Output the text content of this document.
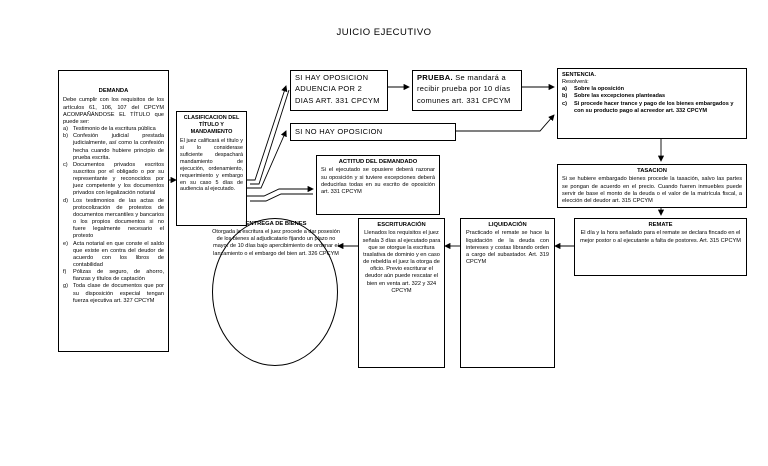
JUICIO EJECUTIVO
DEMANDA
Debe cumplir con los requisitos de los artículos 61, 106, 107 del CPCYM ACOMPAÑÁNDOSE EL TÍTULO que puede ser:
a) Testimonio de la escritura pública
b) Confesión judicial prestada judicialmente, así como la confesión hecha cuando hubiere principio de prueba escrita.
c) Documentos privados escritos suscritos por el obligado o por su representante y reconocidos por juez competente y los documentos privados con legalización notarial
d) Los testimonios de las actas de protocolización de protestos de documentos mercantiles y bancarios o los propios documentos si no fuere legalmente necesario el protesto
e) Acta notarial en que conste el saldo que existe en contra del deudor de acuerdo con los libros de contabilidad
f)	Pólizas de seguro, de ahorro, fianzas y títulos de captación
g) Toda clase de documentos que por su disposición especial tengan fuerza ejecutiva art. 327 CPCYM
CLASIFICACION DEL TÍTULO Y MANDAMIENTO
El juez calificará el título y si lo considerase suficiente despachará mandamiento de ejecución, ordenamiento, requerimiento y embargo en su caso 5 días de audiencia al ejecutado.
SI HAY OPOSICION ADUENCIA POR 2 DIAS ART. 331 CPCYM
SI NO HAY OPOSICION
PRUEBA. Se mandará a recibir prueba por 10 días comunes art. 331 CPCYM
SENTENCIA.
Resolverá:
a)	Sobre la oposición
b)	Sobre las excepciones planteadas
c)	Si procede hacer trance y pago de los bienes embargados y con su producto pago al acreedor art. 332 CPCYM
ACTITUD DEL DEMANDADO
Si el ejecutado se opusiere deberá razonar su oposición y si tuviere excepciones deberá deducirlas todas en su escrito de oposición art. 331 CPCYM
TASACION
Si se hubiere embargado bienes procede la tasación, salvo las partes se pongan de acuerdo en el precio. Cuando fueren inmuebles puede servir de base el monto de la deuda o el valor de la matrícula fiscal, a elección del deudor art. 315 CPCYM
REMATE
El día y la hora señalado para el remate se declara fincado en el mejor postor o al ejecutante a falta de postores. Art. 315 CPCYM
LIQUIDACIÓN
Practicado el remate se hace la liquidación de la deuda con intereses y costas librando orden a cargo del subastador. Art. 319 CPCYM
ESCRITURACIÓN
Llenados los requisitos el juez señala 3 días al ejecutado para que se otorgue la escritura traslativa de dominio y en caso de rebeldía el juez la otorga de oficio. Previo escriturar el deudor aún puede rescatar el bien en venta art. 322 y 324 CPCYM
ENTREGA DE BIENES
Otorgada la escritura el juez procede a dar posesión de los bienes al adjudicatario fijando un plazo no mayor de 10 días bajo apercibimiento de ordenar el lanzamiento o el embargo del bien art. 326 CPCYM
